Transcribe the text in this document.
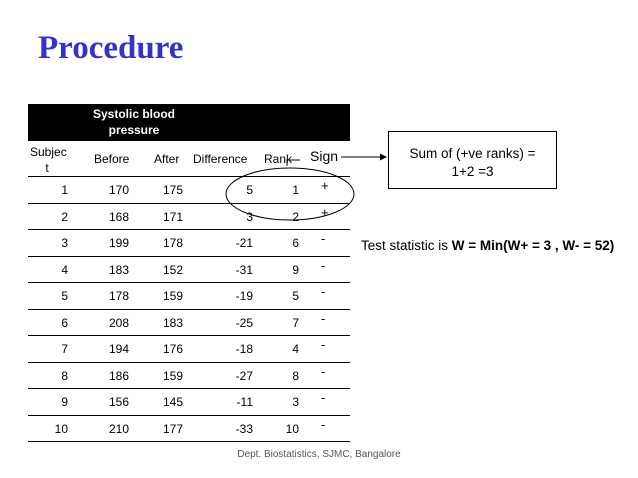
Procedure
Systolic blood pressure
Subjec
t
Before After Difference Rank Sign
1	170	175	5	1 +
2	168	171	3	2 +
3	199	178	-21	6 -
4	183	152	-31	9 -
5	178	159	-19	5 -
6	208	183	-25	7 -
7	194	176	-18	4 -
8	186	159	-27	8 -
9	156	145	-11	3 -
10	210	177	-33	10 -
Sum of (+ve ranks) =
1+2 =3
Test statistic is W = Min(W+ = 3 , W- = 52)
Dept. Biostatistics, SJMC, Bangalore
